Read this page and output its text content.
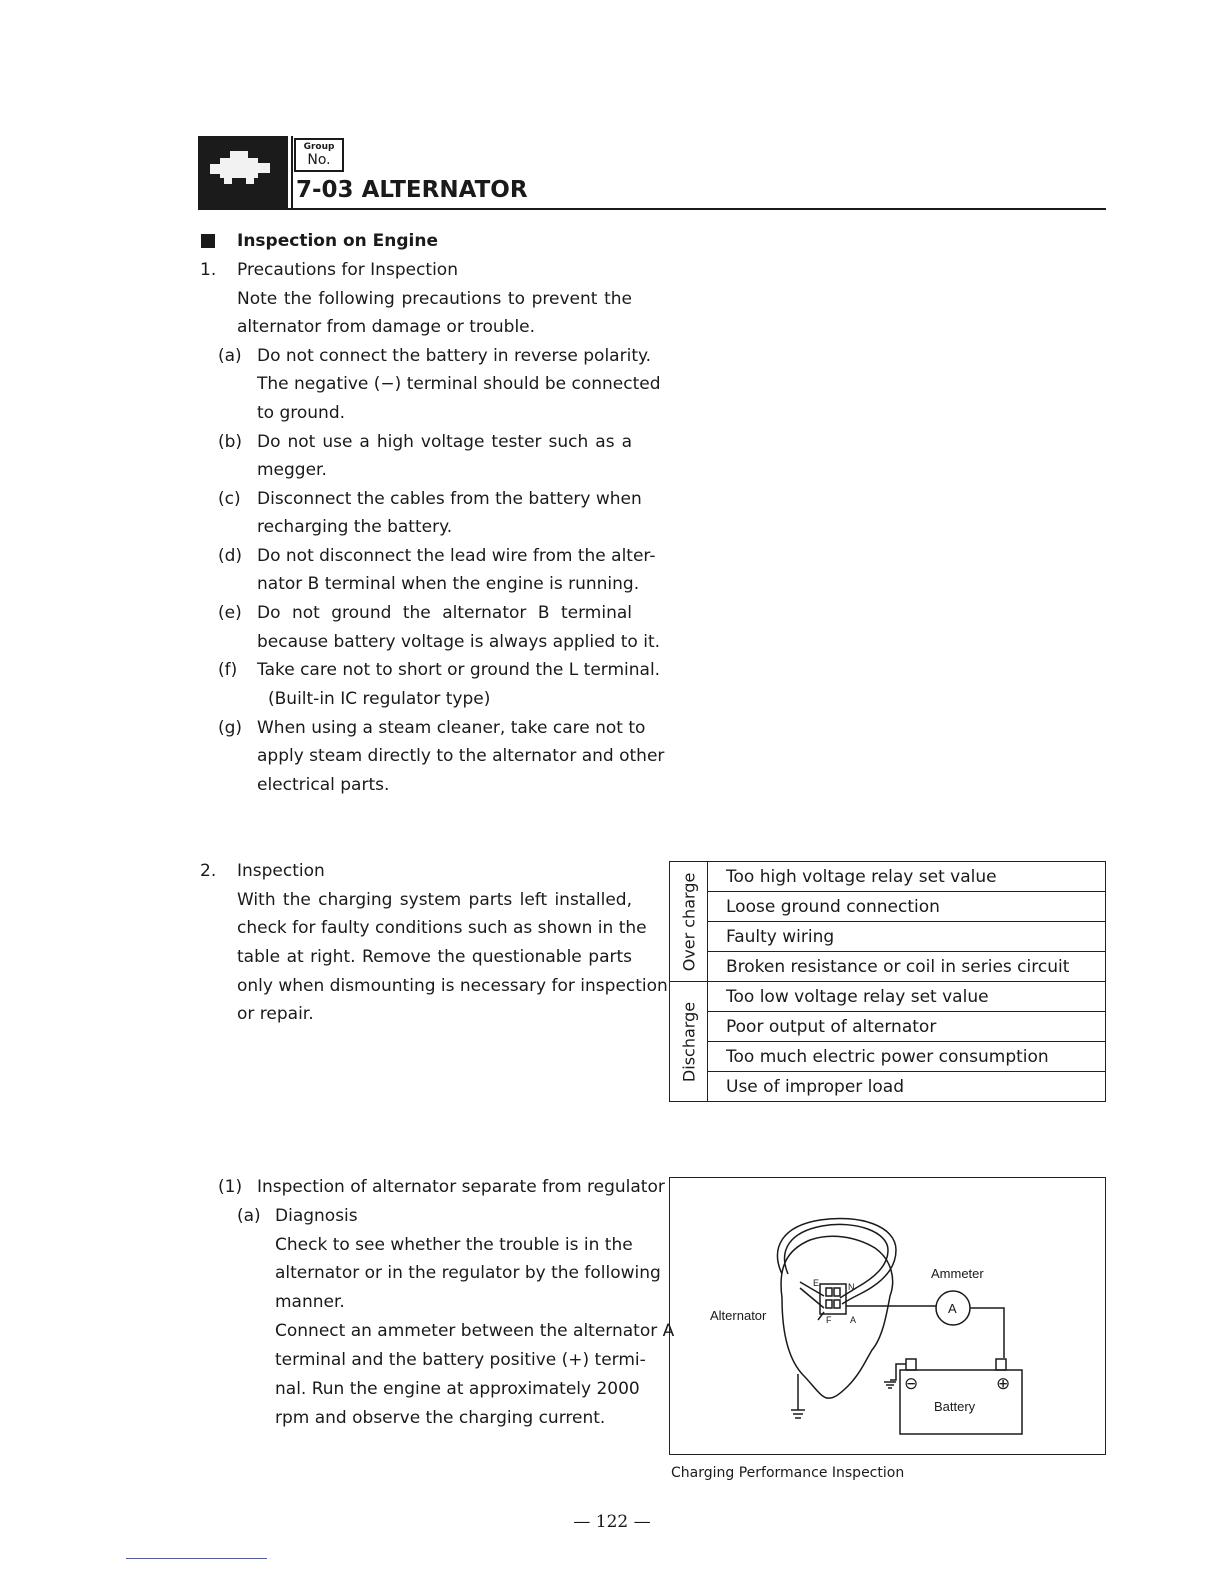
Group
No.
7-03 ALTERNATOR
Inspection on Engine
1. Precautions for Inspection
Note the following precautions to prevent the
alternator from damage or trouble.
(a) Do not connect the battery in reverse polarity.
The negative (−) terminal should be connected
to ground.
(b) Do not use a high voltage tester such as a
megger.
(c) Disconnect the cables from the battery when
recharging the battery.
(d) Do not disconnect the lead wire from the alter-
nator B terminal when the engine is running.
(e) Do not ground the alternator B terminal
because battery voltage is always applied to it.
(f) Take care not to short or ground the L terminal.
(Built-in IC regulator type)
(g) When using a steam cleaner, take care not to
apply steam directly to the alternator and other
electrical parts.
2. Inspection
With the charging system parts left installed,
check for faulty conditions such as shown in the
table at right. Remove the questionable parts
only when dismounting is necessary for inspection
or repair.
Over charge	Too high voltage relay set value
	Loose ground connection
	Faulty wiring
	Broken resistance or coil in series circuit

Discharge	Too low voltage relay set value
	Poor output of alternator
	Too much electric power consumption
	Use of improper load
(1) Inspection of alternator separate from regulator
(a) Diagnosis
Check to see whether the trouble is in the
alternator or in the regulator by the following
manner.
Connect an ammeter between the alternator A
terminal and the battery positive (+) termi-
nal. Run the engine at approximately 2000
rpm and observe the charging current.
Alternator
Ammeter
A
Battery
E	N
F A
⊖	⊕
Charging Performance Inspection
— 122 —
